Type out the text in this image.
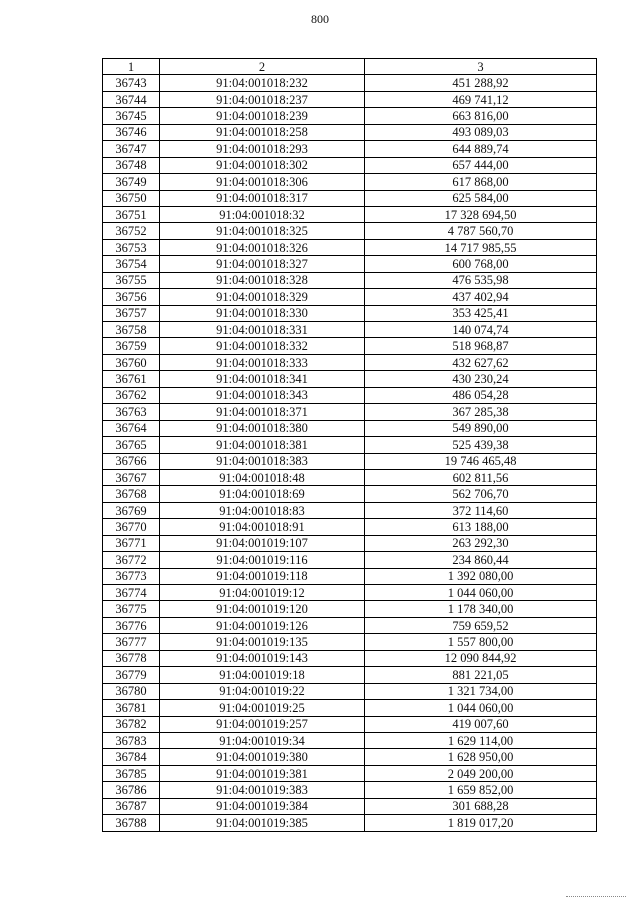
800
1	2	3
36743	91:04:001018:232	451 288,92
36744	91:04:001018:237	469 741,12
36745	91:04:001018:239	663 816,00
36746	91:04:001018:258	493 089,03
36747	91:04:001018:293	644 889,74
36748	91:04:001018:302	657 444,00
36749	91:04:001018:306	617 868,00
36750	91:04:001018:317	625 584,00
36751	91:04:001018:32	17 328 694,50
36752	91:04:001018:325	4 787 560,70
36753	91:04:001018:326	14 717 985,55
36754	91:04:001018:327	600 768,00
36755	91:04:001018:328	476 535,98
36756	91:04:001018:329	437 402,94
36757	91:04:001018:330	353 425,41
36758	91:04:001018:331	140 074,74
36759	91:04:001018:332	518 968,87
36760	91:04:001018:333	432 627,62
36761	91:04:001018:341	430 230,24
36762	91:04:001018:343	486 054,28
36763	91:04:001018:371	367 285,38
36764	91:04:001018:380	549 890,00
36765	91:04:001018:381	525 439,38
36766	91:04:001018:383	19 746 465,48
36767	91:04:001018:48	602 811,56
36768	91:04:001018:69	562 706,70
36769	91:04:001018:83	372 114,60
36770	91:04:001018:91	613 188,00
36771	91:04:001019:107	263 292,30
36772	91:04:001019:116	234 860,44
36773	91:04:001019:118	1 392 080,00
36774	91:04:001019:12	1 044 060,00
36775	91:04:001019:120	1 178 340,00
36776	91:04:001019:126	759 659,52
36777	91:04:001019:135	1 557 800,00
36778	91:04:001019:143	12 090 844,92
36779	91:04:001019:18	881 221,05
36780	91:04:001019:22	1 321 734,00
36781	91:04:001019:25	1 044 060,00
36782	91:04:001019:257	419 007,60
36783	91:04:001019:34	1 629 114,00
36784	91:04:001019:380	1 628 950,00
36785	91:04:001019:381	2 049 200,00
36786	91:04:001019:383	1 659 852,00
36787	91:04:001019:384	301 688,28
36788	91:04:001019:385	1 819 017,20
